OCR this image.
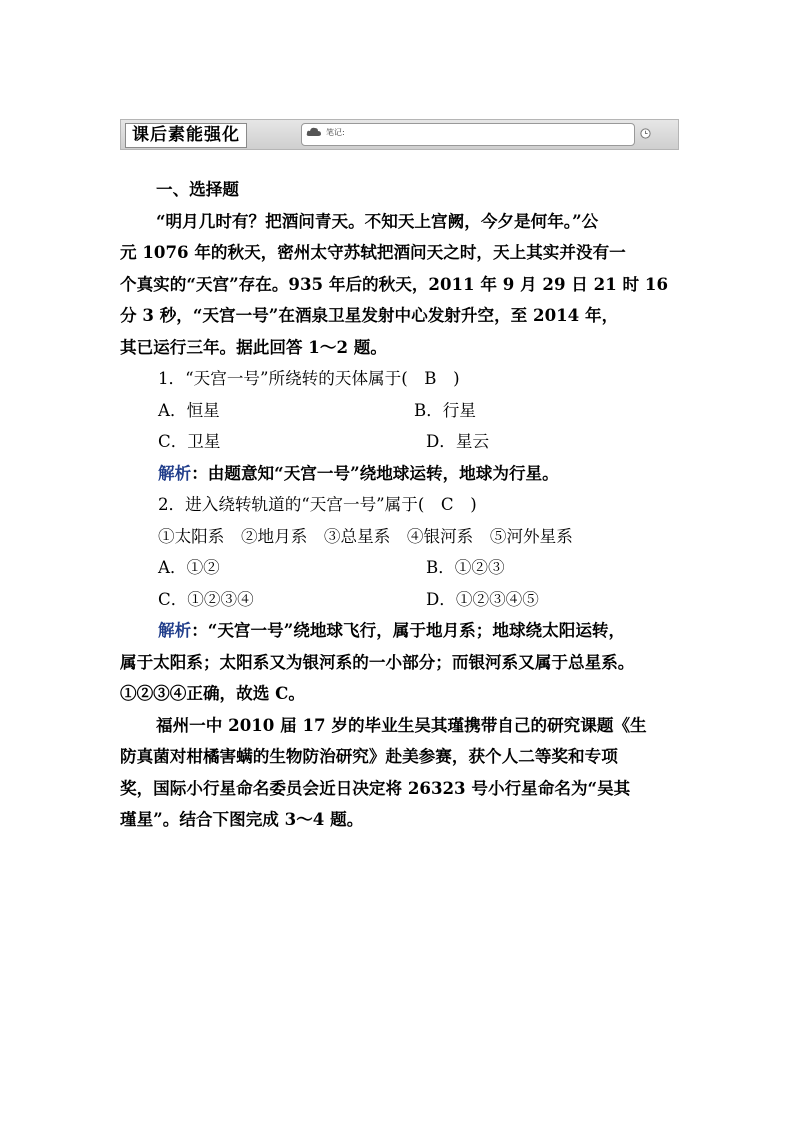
课后素能强化	笔记:

一、选择题

“明月几时有？把酒问青天。不知天上宫阙，今夕是何年。”公

元 1076 年的秋天，密州太守苏轼把酒问天之时，天上其实并没有一

个真实的“天宫”存在。935 年后的秋天，2011 年 9 月 29 日 21 时 16

分 3 秒，“天宫一号”在酒泉卫星发射中心发射升空，至 2014 年，

其已运行三年。据此回答 1～2 题。

1．“天宫一号”所绕转的天体属于(　B　)

A．恒星	B．行星
C．卫星	D．星云

解析：由题意知“天宫一号”绕地球运转，地球为行星。

2．进入绕转轨道的“天宫一号”属于(　C　)

①太阳系　②地月系　③总星系　④银河系　⑤河外星系

A．①②	B．①②③
C．①②③④	D．①②③④⑤

解析：“天宫一号”绕地球飞行，属于地月系；地球绕太阳运转，

属于太阳系；太阳系又为银河系的一小部分；而银河系又属于总星系。

①②③④正确，故选 C。

福州一中 2010 届 17 岁的毕业生吴其瑾携带自己的研究课题《生

防真菌对柑橘害螨的生物防治研究》赴美参赛，获个人二等奖和专项

奖，国际小行星命名委员会近日决定将 26323 号小行星命名为“吴其

瑾星”。结合下图完成 3～4 题。
